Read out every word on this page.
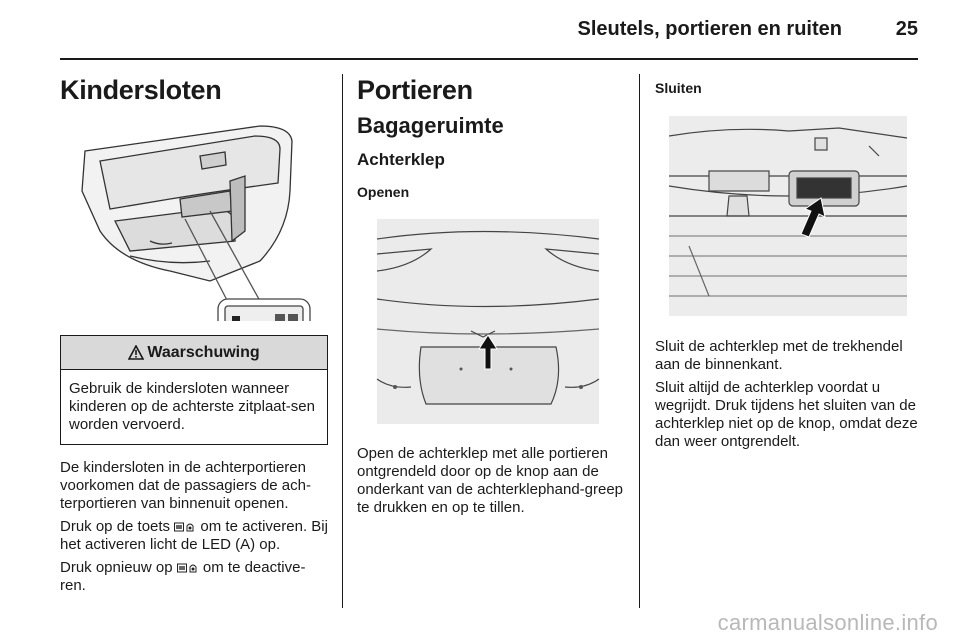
Sleutels, portieren en ruiten	25
Kindersloten
Waarschuwing
Gebruik de kindersloten wanneer kinderen op de achterste zitplaat-sen worden vervoerd.

De kindersloten in de achterportieren voorkomen dat de passagiers de ach-terportieren van binnenuit openen.

Druk op de toets  om te activeren. Bij het activeren licht de LED (A) op.

Druk opnieuw op  om te deactive-ren.

Portieren
Bagageruimte
Achterklep
Openen

Open de achterklep met alle portieren ontgrendeld door op de knop aan de onderkant van de achterklephand-greep te drukken en op te tillen.

Sluiten

Sluit de achterklep met de trekhendel aan de binnenkant.

Sluit altijd de achterklep voordat u wegrijdt. Druk tijdens het sluiten van de achterklep niet op de knop, omdat deze dan weer ontgrendelt.

carmanualsonline.info
